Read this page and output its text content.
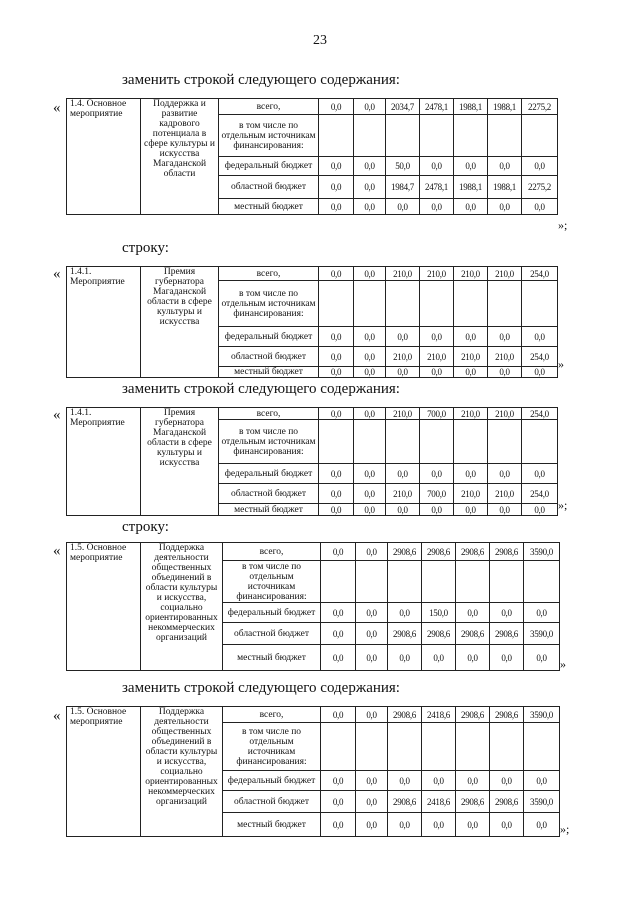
23
заменить строкой следующего содержания:
« 1.4. Основное мероприятие	Поддержка и развитие кадрового потенциала в сфере культуры и искусства Магаданской области	всего,	0,0	0,0	2034,7	2478,1	1988,1	1988,1	2275,2
		в том числе по отдельным источникам финансирования:							
		федеральный бюджет	0,0	0,0	50,0	0,0	0,0	0,0	0,0
		областной бюджет	0,0	0,0	1984,7	2478,1	1988,1	1988,1	2275,2
		местный бюджет	0,0	0,0	0,0	0,0	0,0	0,0	0,0
»;
строку:
« 1.4.1. Мероприятие	Премия губернатора Магаданской области в сфере культуры и искусства	всего,	0,0	0,0	210,0	210,0	210,0	210,0	254,0
		в том числе по отдельным источникам финансирования:							
		федеральный бюджет	0,0	0,0	0,0	0,0	0,0	0,0	0,0
		областной бюджет	0,0	0,0	210,0	210,0	210,0	210,0	254,0
		местный бюджет	0,0	0,0	0,0	0,0	0,0	0,0	0,0
»
заменить строкой следующего содержания:
« 1.4.1. Мероприятие	Премия губернатора Магаданской области в сфере культуры и искусства	всего,	0,0	0,0	210,0	700,0	210,0	210,0	254,0
		в том числе по отдельным источникам финансирования:							
		федеральный бюджет	0,0	0,0	0,0	0,0	0,0	0,0	0,0
		областной бюджет	0,0	0,0	210,0	700,0	210,0	210,0	254,0
		местный бюджет	0,0	0,0	0,0	0,0	0,0	0,0	0,0 »;
строку:
« 1.5. Основное мероприятие	Поддержка деятельности общественных объединений в области культуры и искусства, социально ориентированных некоммерческих организаций	всего,	0,0	0,0	2908,6	2908,6	2908,6	2908,6	3590,0
		в том числе по отдельным источникам финансирования:							
		федеральный бюджет	0,0	0,0	0,0	150,0	0,0	0,0	0,0
		областной бюджет	0,0	0,0	2908,6	2908,6	2908,6	2908,6	3590,0
		местный бюджет	0,0	0,0	0,0	0,0	0,0	0,0	0,0 »
заменить строкой следующего содержания:
« 1.5. Основное мероприятие	Поддержка деятельности общественных объединений в области культуры и искусства, социально ориентированных некоммерческих организаций	всего,	0,0	0,0	2908,6	2418,6	2908,6	2908,6	3590,0
		в том числе по отдельным источникам финансирования:							
		федеральный бюджет	0,0	0,0	0,0	0,0	0,0	0,0	0,0
		областной бюджет	0,0	0,0	2908,6	2418,6	2908,6	2908,6	3590,0
		местный бюджет	0,0	0,0	0,0	0,0	0,0	0,0	0,0 »;
